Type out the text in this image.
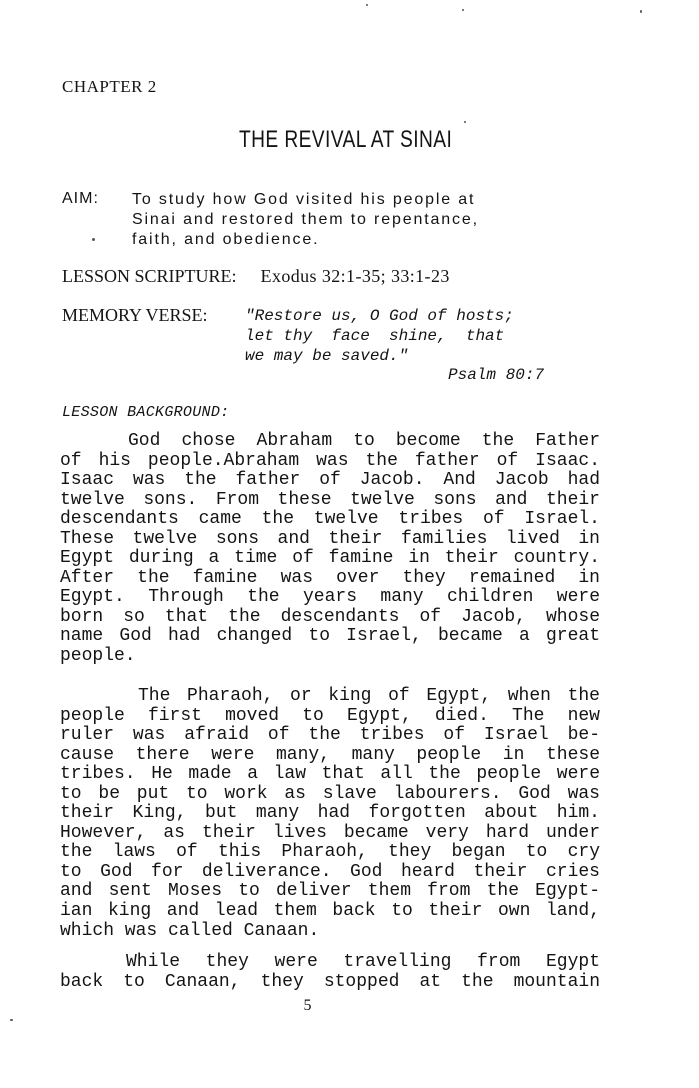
CHAPTER 2
THE REVIVAL AT SINAI
AIM: To study how God visited his people at
Sinai and restored them to repentance,
faith, and obedience.
LESSON SCRIPTURE: Exodus 32:1-35; 33:1-23
MEMORY VERSE: "Restore us, O God of hosts;
let thy  face  shine,  that
we may be saved."
Psalm 80:7
LESSON BACKGROUND:
God chose Abraham to become the Father
of his people.Abraham was the father of Isaac.
Isaac was the father of Jacob. And Jacob had
twelve sons. From these twelve sons and their
descendants came the twelve tribes of Israel.
These twelve sons and their families lived in
Egypt during a time of famine in their country.
After the famine was over they remained in
Egypt. Through the years many children were
born so that the descendants of Jacob, whose
name God had changed to Israel, became a great
people.
The Pharaoh, or king of Egypt, when the
people first moved to Egypt, died. The new
ruler was afraid of the tribes of Israel be-
cause there were many, many people in these
tribes. He made a law that all the people were
to be put to work as slave labourers. God was
their King, but many had forgotten about him.
However, as their lives became very hard under
the laws of this Pharaoh, they began to cry
to God for deliverance. God heard their cries
and sent Moses to deliver them from the Egypt-
ian king and lead them back to their own land,
which was called Canaan.
While they were travelling from Egypt
back to Canaan, they stopped at the mountain
5
